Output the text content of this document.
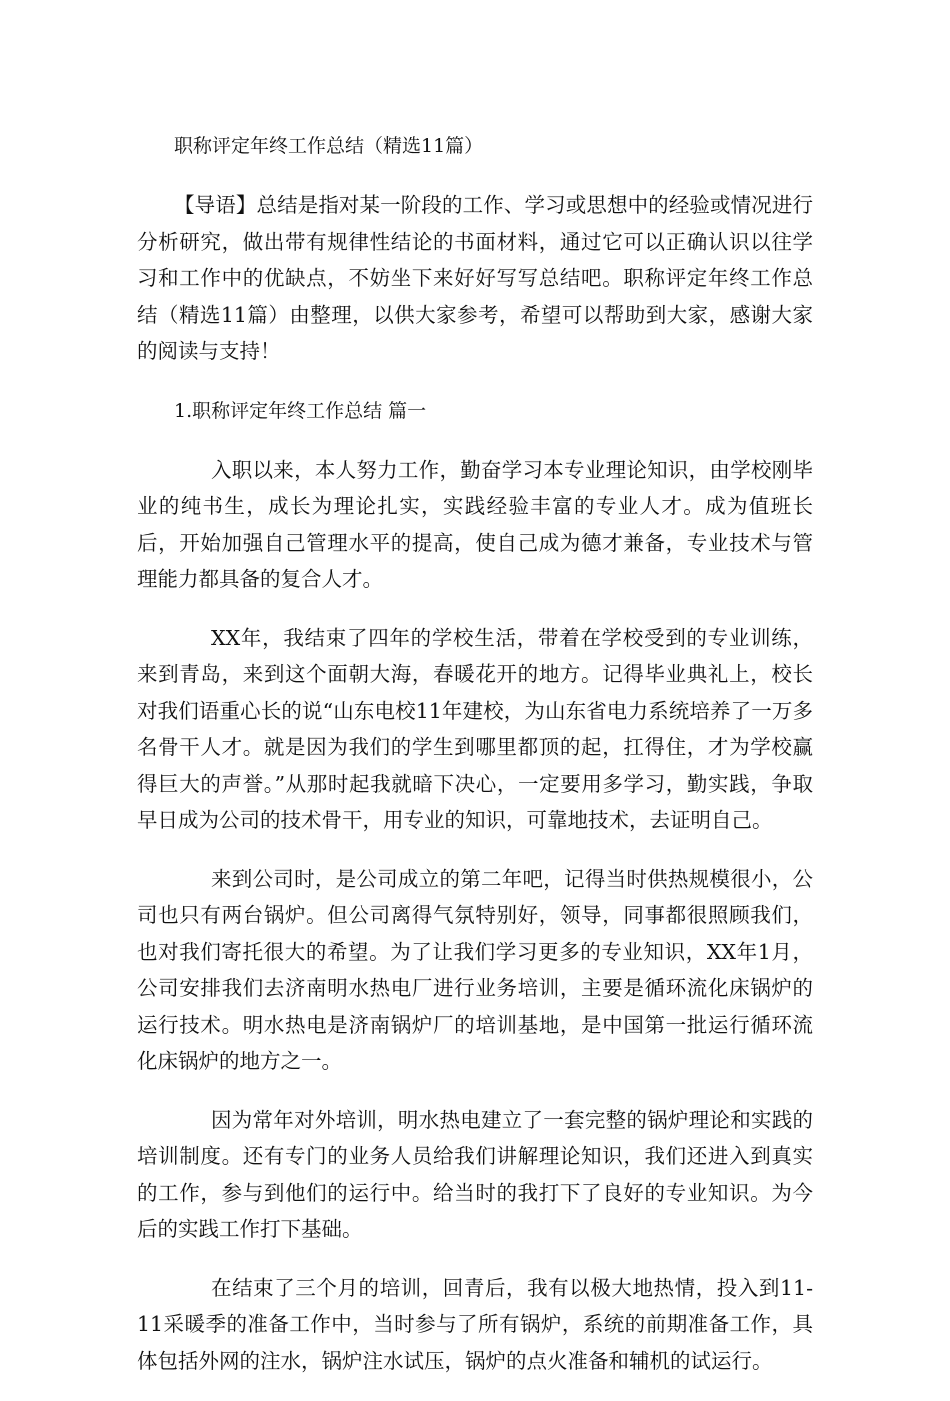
职称评定年终工作总结（精选11篇）

【导语】总结是指对某一阶段的工作、学习或思想中的经验或情况进行分析研究，做出带有规律性结论的书面材料，通过它可以正确认识以往学习和工作中的优缺点，不妨坐下来好好写写总结吧。职称评定年终工作总结（精选11篇）由整理，以供大家参考，希望可以帮助到大家，感谢大家的阅读与支持！

1.职称评定年终工作总结 篇一

入职以来，本人努力工作，勤奋学习本专业理论知识，由学校刚毕业的纯书生，成长为理论扎实，实践经验丰富的专业人才。成为值班长后，开始加强自己管理水平的提高，使自己成为德才兼备，专业技术与管理能力都具备的复合人才。

XX年，我结束了四年的学校生活，带着在学校受到的专业训练，来到青岛，来到这个面朝大海，春暖花开的地方。记得毕业典礼上，校长对我们语重心长的说“山东电校11年建校，为山东省电力系统培养了一万多名骨干人才。就是因为我们的学生到哪里都顶的起，扛得住，才为学校赢得巨大的声誉。”从那时起我就暗下决心，一定要用多学习，勤实践，争取早日成为公司的技术骨干，用专业的知识，可靠地技术，去证明自己。

来到公司时，是公司成立的第二年吧，记得当时供热规模很小，公司也只有两台锅炉。但公司离得气氛特别好，领导，同事都很照顾我们，也对我们寄托很大的希望。为了让我们学习更多的专业知识，XX年1月，公司安排我们去济南明水热电厂进行业务培训，主要是循环流化床锅炉的运行技术。明水热电是济南锅炉厂的培训基地，是中国第一批运行循环流化床锅炉的地方之一。

因为常年对外培训，明水热电建立了一套完整的锅炉理论和实践的培训制度。还有专门的业务人员给我们讲解理论知识，我们还进入到真实的工作，参与到他们的运行中。给当时的我打下了良好的专业知识。为今后的实践工作打下基础。

在结束了三个月的培训，回青后，我有以极大地热情，投入到11-11采暖季的准备工作中，当时参与了所有锅炉，系统的前期准备工作，具体包括外网的注水，锅炉注水试压，锅炉的点火准备和辅机的试运行。
